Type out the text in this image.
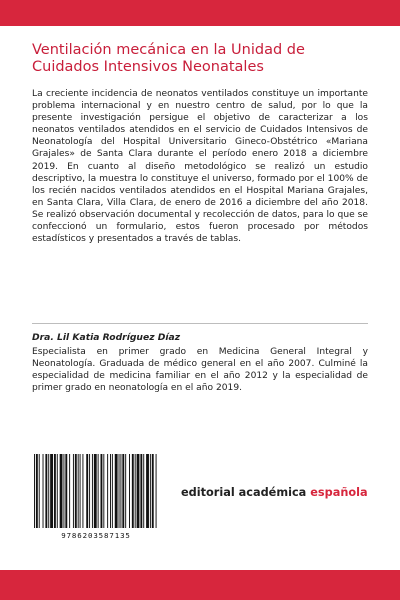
Ventilación mecánica en la Unidad de Cuidados Intensivos Neonatales

La creciente incidencia de neonatos ventilados constituye un importante problema internacional y en nuestro centro de salud, por lo que la presente investigación persigue el objetivo de caracterizar a los neonatos ventilados atendidos en el servicio de Cuidados Intensivos de Neonatología del Hospital Universitario Gineco-Obstétrico «Mariana Grajales» de Santa Clara durante el período enero 2018 a diciembre 2019. En cuanto al diseño metodológico se realizó un estudio descriptivo, la muestra lo constituye el universo, formado por el 100% de los recién nacidos ventilados atendidos en el Hospital Mariana Grajales, en Santa Clara, Villa Clara, de enero de 2016 a diciembre del año 2018. Se realizó observación documental y recolección de datos, para lo que se confeccionó un formulario, estos fueron procesado por métodos estadísticos y presentados a través de tablas.

Dra. Lil Katia Rodríguez Díaz

Especialista en primer grado en Medicina General Integral y Neonatología. Graduada de médico general en el año 2007. Culminé la especialidad de medicina familiar en el año 2012 y la especialidad de primer grado en neonatología en el año 2019.

9786203587135
editorial académica española
